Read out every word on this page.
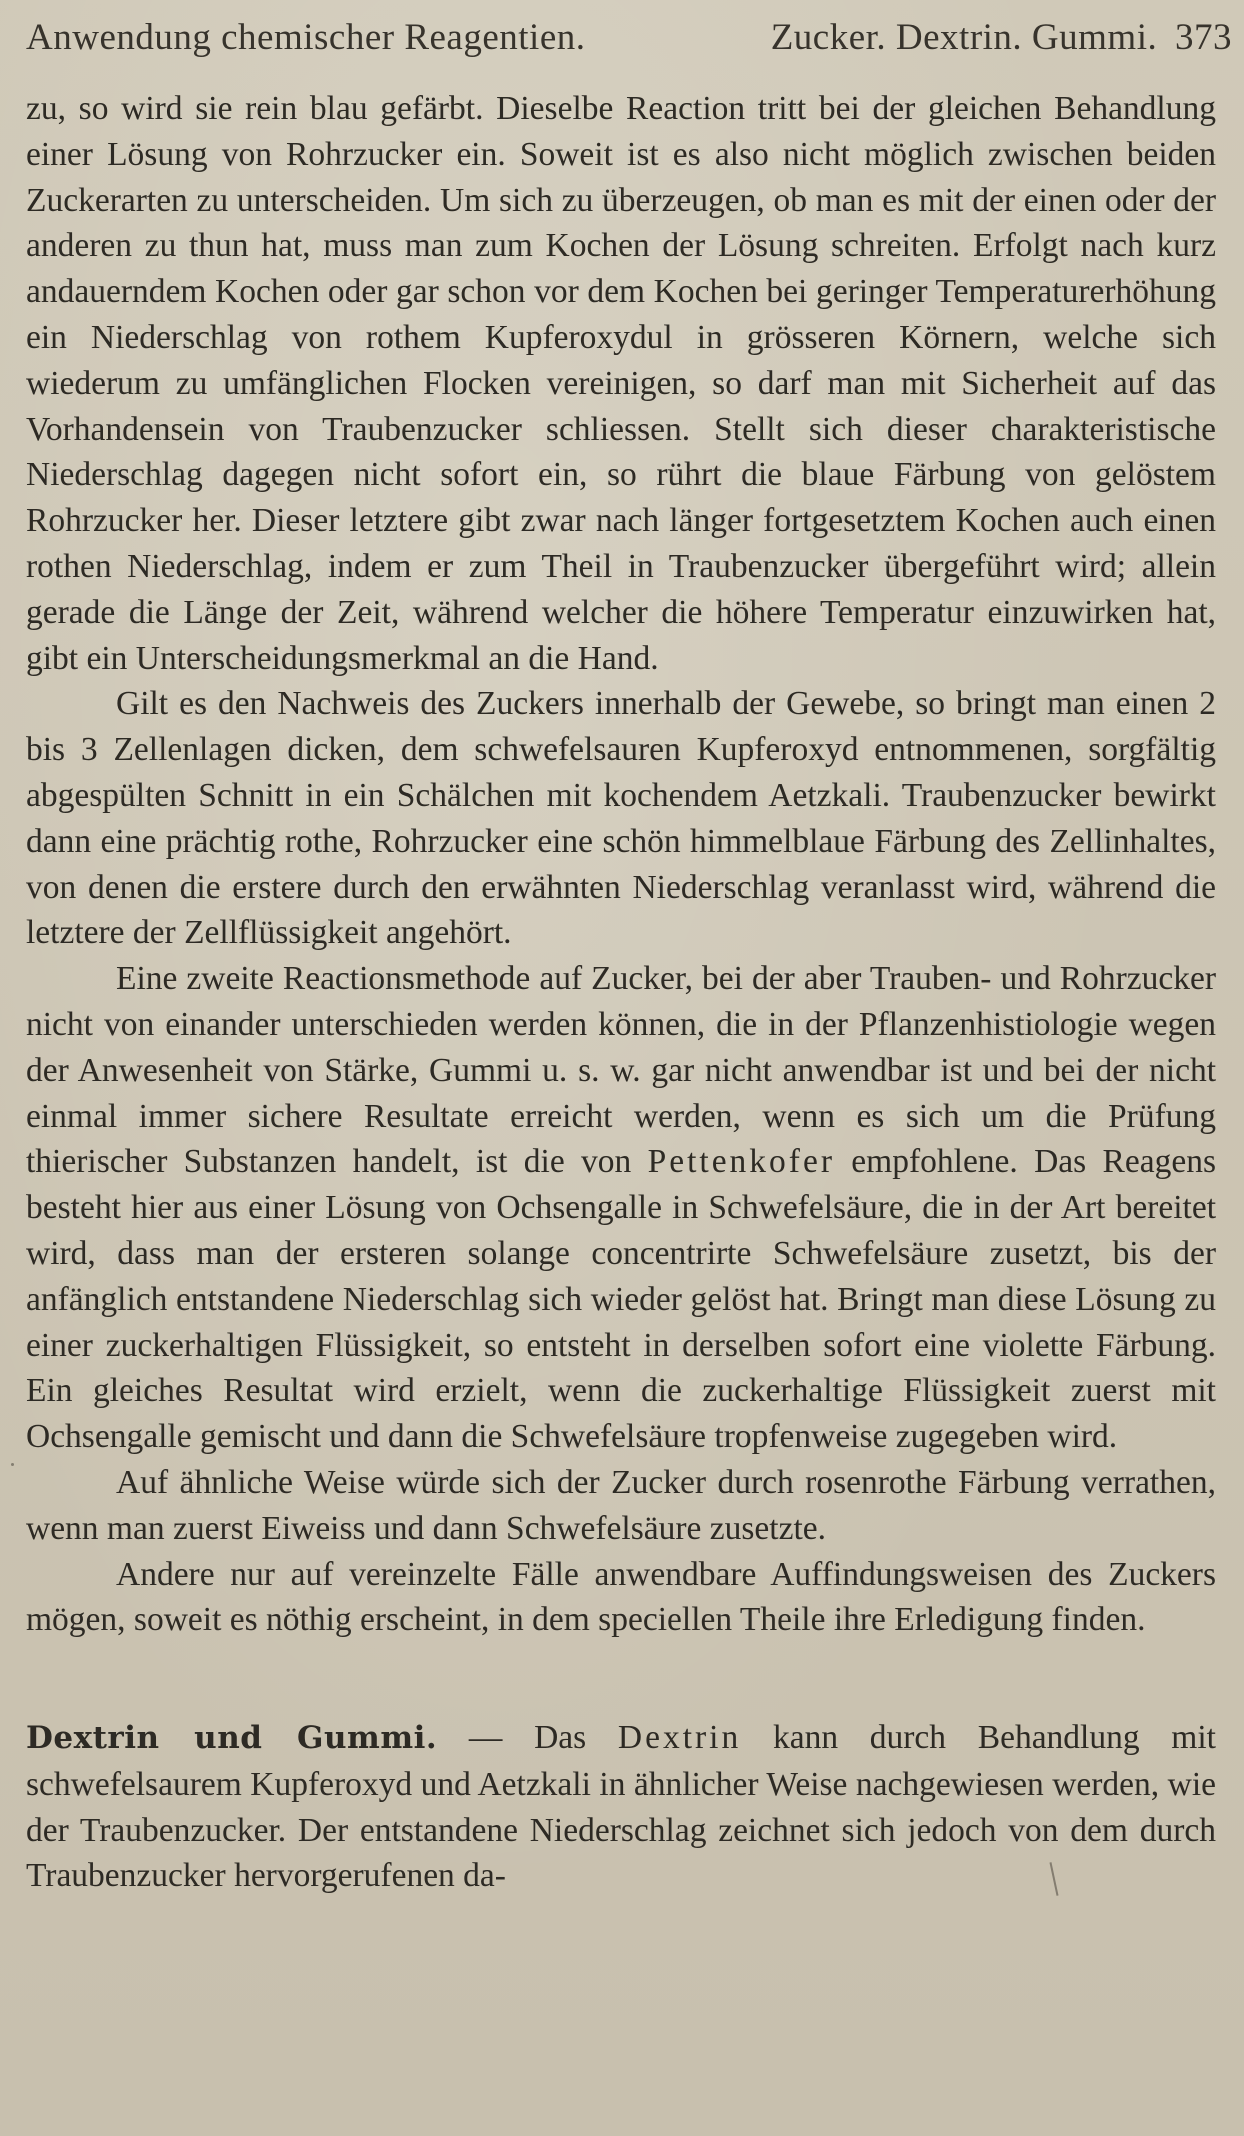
Anwendung chemischer Reagentien.	Zucker. Dextrin. Gummi. 373

zu, so wird sie rein blau gefärbt. Dieselbe Reaction tritt bei der gleichen Behandlung einer Lösung von Rohrzucker ein. Soweit ist es also nicht möglich zwischen beiden Zuckerarten zu unterscheiden. Um sich zu überzeugen, ob man es mit der einen oder der anderen zu thun hat, muss man zum Kochen der Lösung schreiten. Erfolgt nach kurz andauerndem Kochen oder gar schon vor dem Kochen bei geringer Temperaturerhöhung ein Niederschlag von rothem Kupferoxydul in grösseren Körnern, welche sich wiederum zu umfänglichen Flocken vereinigen, so darf man mit Sicherheit auf das Vorhandensein von Traubenzucker schliessen. Stellt sich dieser charakteristische Niederschlag dagegen nicht sofort ein, so rührt die blaue Färbung von gelöstem Rohrzucker her. Dieser letztere gibt zwar nach länger fortgesetztem Kochen auch einen rothen Niederschlag, indem er zum Theil in Traubenzucker übergeführt wird; allein gerade die Länge der Zeit, während welcher die höhere Temperatur einzuwirken hat, gibt ein Unterscheidungsmerkmal an die Hand.

Gilt es den Nachweis des Zuckers innerhalb der Gewebe, so bringt man einen 2 bis 3 Zellenlagen dicken, dem schwefelsauren Kupferoxyd entnommenen, sorgfältig abgespülten Schnitt in ein Schälchen mit kochendem Aetzkali. Traubenzucker bewirkt dann eine prächtig rothe, Rohrzucker eine schön himmelblaue Färbung des Zellinhaltes, von denen die erstere durch den erwähnten Niederschlag veranlasst wird, während die letztere der Zellflüssigkeit angehört.

Eine zweite Reactionsmethode auf Zucker, bei der aber Trauben- und Rohrzucker nicht von einander unterschieden werden können, die in der Pflanzenhistiologie wegen der Anwesenheit von Stärke, Gummi u. s. w. gar nicht anwendbar ist und bei der nicht einmal immer sichere Resultate erreicht werden, wenn es sich um die Prüfung thierischer Substanzen handelt, ist die von Pettenkofer empfohlene. Das Reagens besteht hier aus einer Lösung von Ochsengalle in Schwefelsäure, die in der Art bereitet wird, dass man der ersteren solange concentrirte Schwefelsäure zusetzt, bis der anfänglich entstandene Niederschlag sich wieder gelöst hat. Bringt man diese Lösung zu einer zuckerhaltigen Flüssigkeit, so entsteht in derselben sofort eine violette Färbung. Ein gleiches Resultat wird erzielt, wenn die zuckerhaltige Flüssigkeit zuerst mit Ochsengalle gemischt und dann die Schwefelsäure tropfenweise zugegeben wird.

Auf ähnliche Weise würde sich der Zucker durch rosenrothe Färbung verrathen, wenn man zuerst Eiweiss und dann Schwefelsäure zusetzte.

Andere nur auf vereinzelte Fälle anwendbare Auffindungsweisen des Zuckers mögen, soweit es nöthig erscheint, in dem speciellen Theile ihre Erledigung finden.

Dextrin und Gummi. — Das Dextrin kann durch Behandlung mit schwefelsaurem Kupferoxyd und Aetzkali in ähnlicher Weise nachgewiesen werden, wie der Traubenzucker. Der entstandene Niederschlag zeichnet sich jedoch von dem durch Traubenzucker hervorgerufenen da-
